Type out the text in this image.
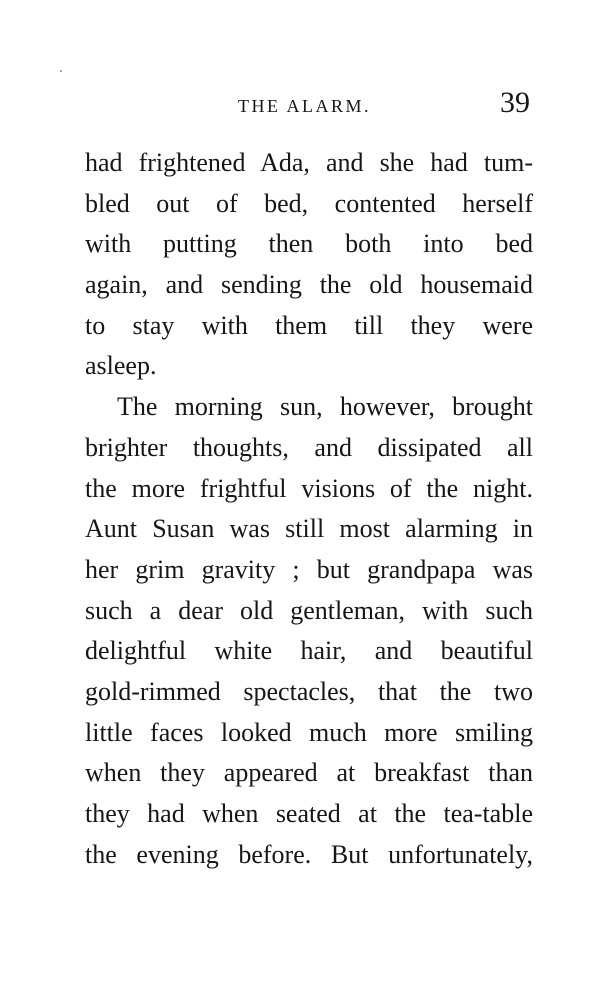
THE ALARM.	39
had frightened Ada, and she had tum-
bled out of bed, contented herself
with putting then both into bed
again, and sending the old housemaid
to stay with them till they were
asleep.
The morning sun, however, brought
brighter thoughts, and dissipated all
the more frightful visions of the night.
Aunt Susan was still most alarming in
her grim gravity ; but grandpapa was
such a dear old gentleman, with such
delightful white hair, and beautiful
gold-rimmed spectacles, that the two
little faces looked much more smiling
when they appeared at breakfast than
they had when seated at the tea-table
the evening before. But unfortunately,
